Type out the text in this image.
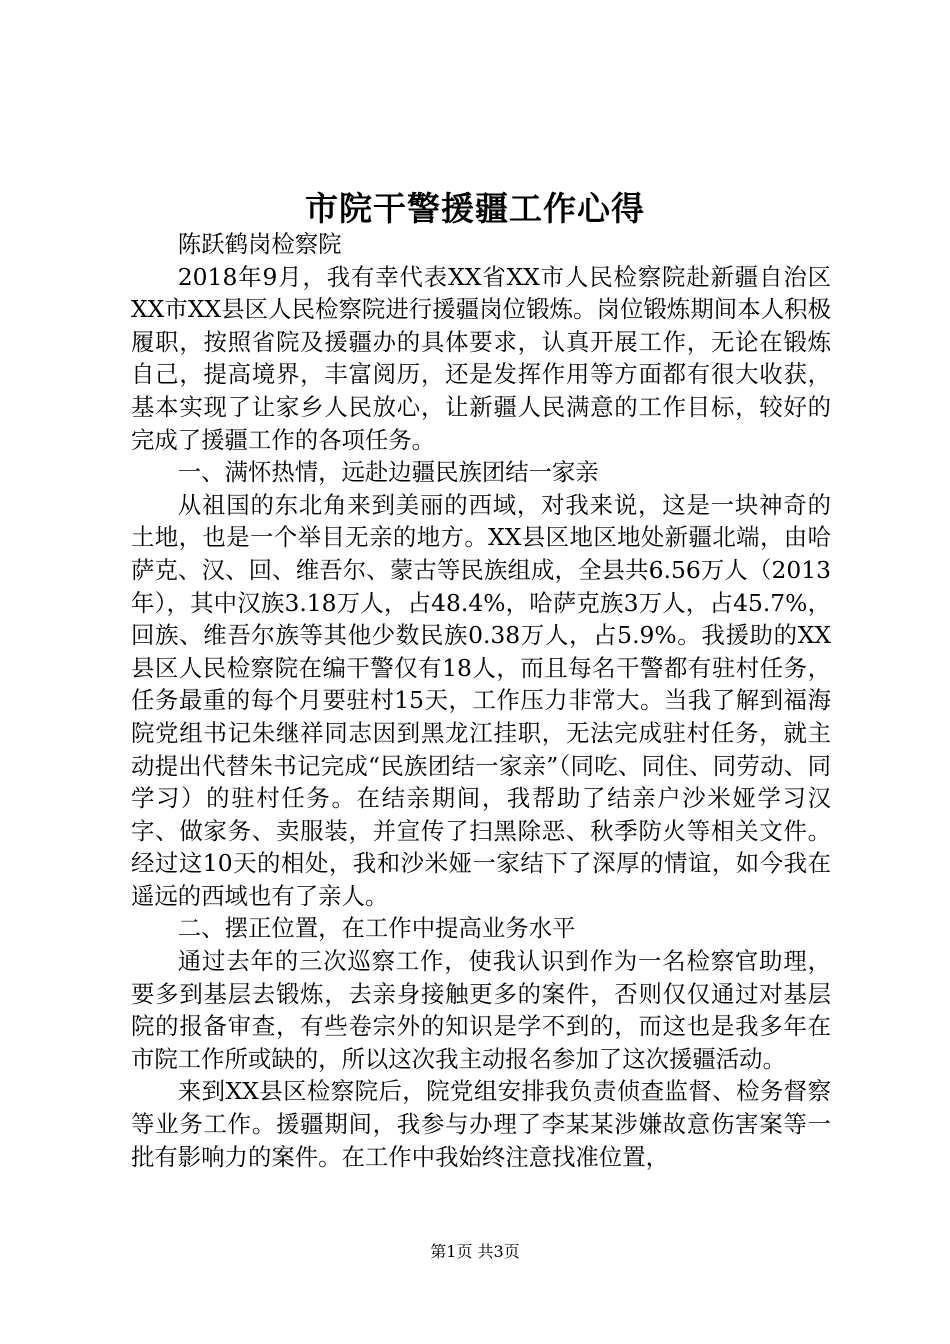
市院干警援疆工作心得

陈跃鹤岗检察院

2018年9月，我有幸代表XX省XX市人民检察院赴新疆自治区XX市XX县区人民检察院进行援疆岗位锻炼。岗位锻炼期间本人积极履职，按照省院及援疆办的具体要求，认真开展工作，无论在锻炼自己，提高境界，丰富阅历，还是发挥作用等方面都有很大收获，基本实现了让家乡人民放心，让新疆人民满意的工作目标，较好的完成了援疆工作的各项任务。

一、满怀热情，远赴边疆民族团结一家亲

从祖国的东北角来到美丽的西域，对我来说，这是一块神奇的土地，也是一个举目无亲的地方。XX县区地区地处新疆北端，由哈萨克、汉、回、维吾尔、蒙古等民族组成，全县共6.56万人（2013年），其中汉族3.18万人，占48.4%，哈萨克族3万人，占45.7%，回族、维吾尔族等其他少数民族0.38万人，占5.9%。我援助的XX县区人民检察院在编干警仅有18人，而且每名干警都有驻村任务，任务最重的每个月要驻村15天，工作压力非常大。当我了解到福海院党组书记朱继祥同志因到黑龙江挂职，无法完成驻村任务，就主动提出代替朱书记完成“民族团结一家亲”（同吃、同住、同劳动、同学习）的驻村任务。在结亲期间，我帮助了结亲户沙米娅学习汉字、做家务、卖服装，并宣传了扫黑除恶、秋季防火等相关文件。经过这10天的相处，我和沙米娅一家结下了深厚的情谊，如今我在遥远的西域也有了亲人。

二、摆正位置，在工作中提高业务水平

通过去年的三次巡察工作，使我认识到作为一名检察官助理，要多到基层去锻炼，去亲身接触更多的案件，否则仅仅通过对基层院的报备审查，有些卷宗外的知识是学不到的，而这也是我多年在市院工作所或缺的，所以这次我主动报名参加了这次援疆活动。

来到XX县区检察院后，院党组安排我负责侦查监督、检务督察等业务工作。援疆期间，我参与办理了李某某涉嫌故意伤害案等一批有影响力的案件。在工作中我始终注意找准位置，

第1页 共3页
